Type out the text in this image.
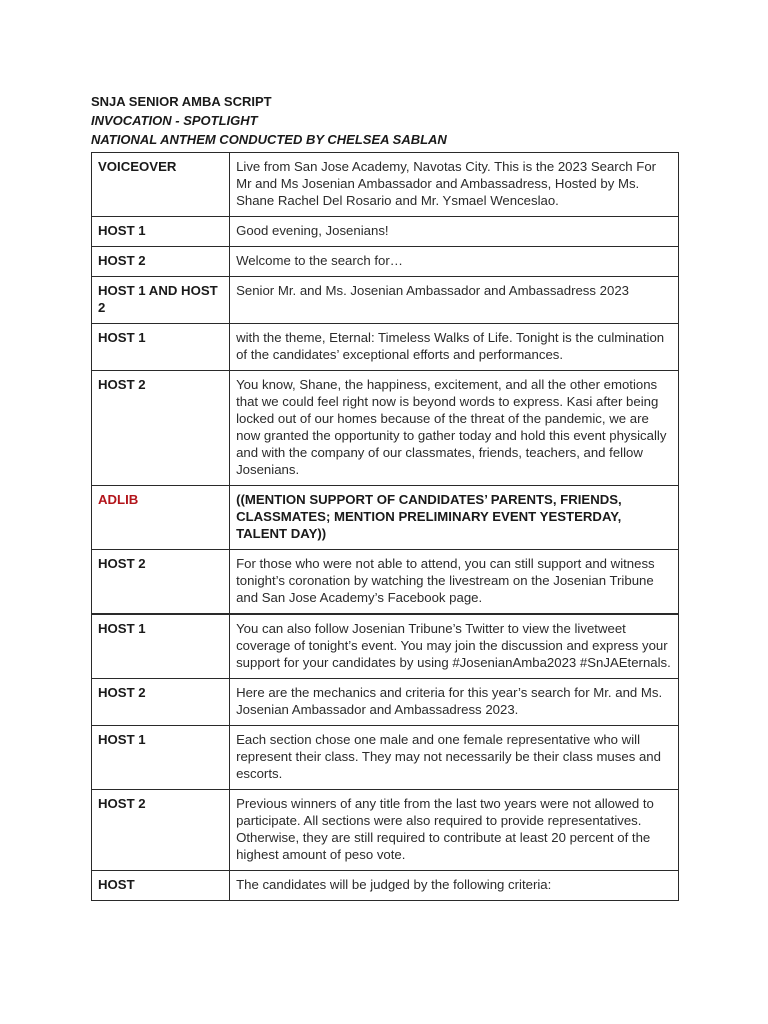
SNJA SENIOR AMBA SCRIPT
INVOCATION - SPOTLIGHT
NATIONAL ANTHEM CONDUCTED BY CHELSEA SABLAN
VOICEOVER	Live from San Jose Academy, Navotas City. This is the 2023 Search For Mr and Ms Josenian Ambassador and Ambassadress, Hosted by Ms. Shane Rachel Del Rosario and Mr. Ysmael Wenceslao.
HOST 1	Good evening, Josenians!
HOST 2	Welcome to the search for…
HOST 1 AND HOST 2	Senior Mr. and Ms. Josenian Ambassador and Ambassadress 2023
HOST 1	with the theme, Eternal: Timeless Walks of Life. Tonight is the culmination of the candidates’ exceptional efforts and performances.
HOST 2	You know, Shane, the happiness, excitement, and all the other emotions that we could feel right now is beyond words to express. Kasi after being locked out of our homes because of the threat of the pandemic, we are now granted the opportunity to gather today and hold this event physically and with the company of our classmates, friends, teachers, and fellow Josenians.
ADLIB	((MENTION SUPPORT OF CANDIDATES’ PARENTS, FRIENDS, CLASSMATES; MENTION PRELIMINARY EVENT YESTERDAY, TALENT DAY))
HOST 2	For those who were not able to attend, you can still support and witness tonight’s coronation by watching the livestream on the Josenian Tribune and San Jose Academy’s Facebook page.
HOST 1	You can also follow Josenian Tribune’s Twitter to view the livetweet coverage of tonight’s event. You may join the discussion and express your support for your candidates by using #JosenianAmba2023 #SnJAEternals.
HOST 2	Here are the mechanics and criteria for this year’s search for Mr. and Ms. Josenian Ambassador and Ambassadress 2023.
HOST 1	Each section chose one male and one female representative who will represent their class. They may not necessarily be their class muses and escorts.
HOST 2	Previous winners of any title from the last two years were not allowed to participate. All sections were also required to provide representatives. Otherwise, they are still required to contribute at least 20 percent of the highest amount of peso vote.
HOST	The candidates will be judged by the following criteria:
